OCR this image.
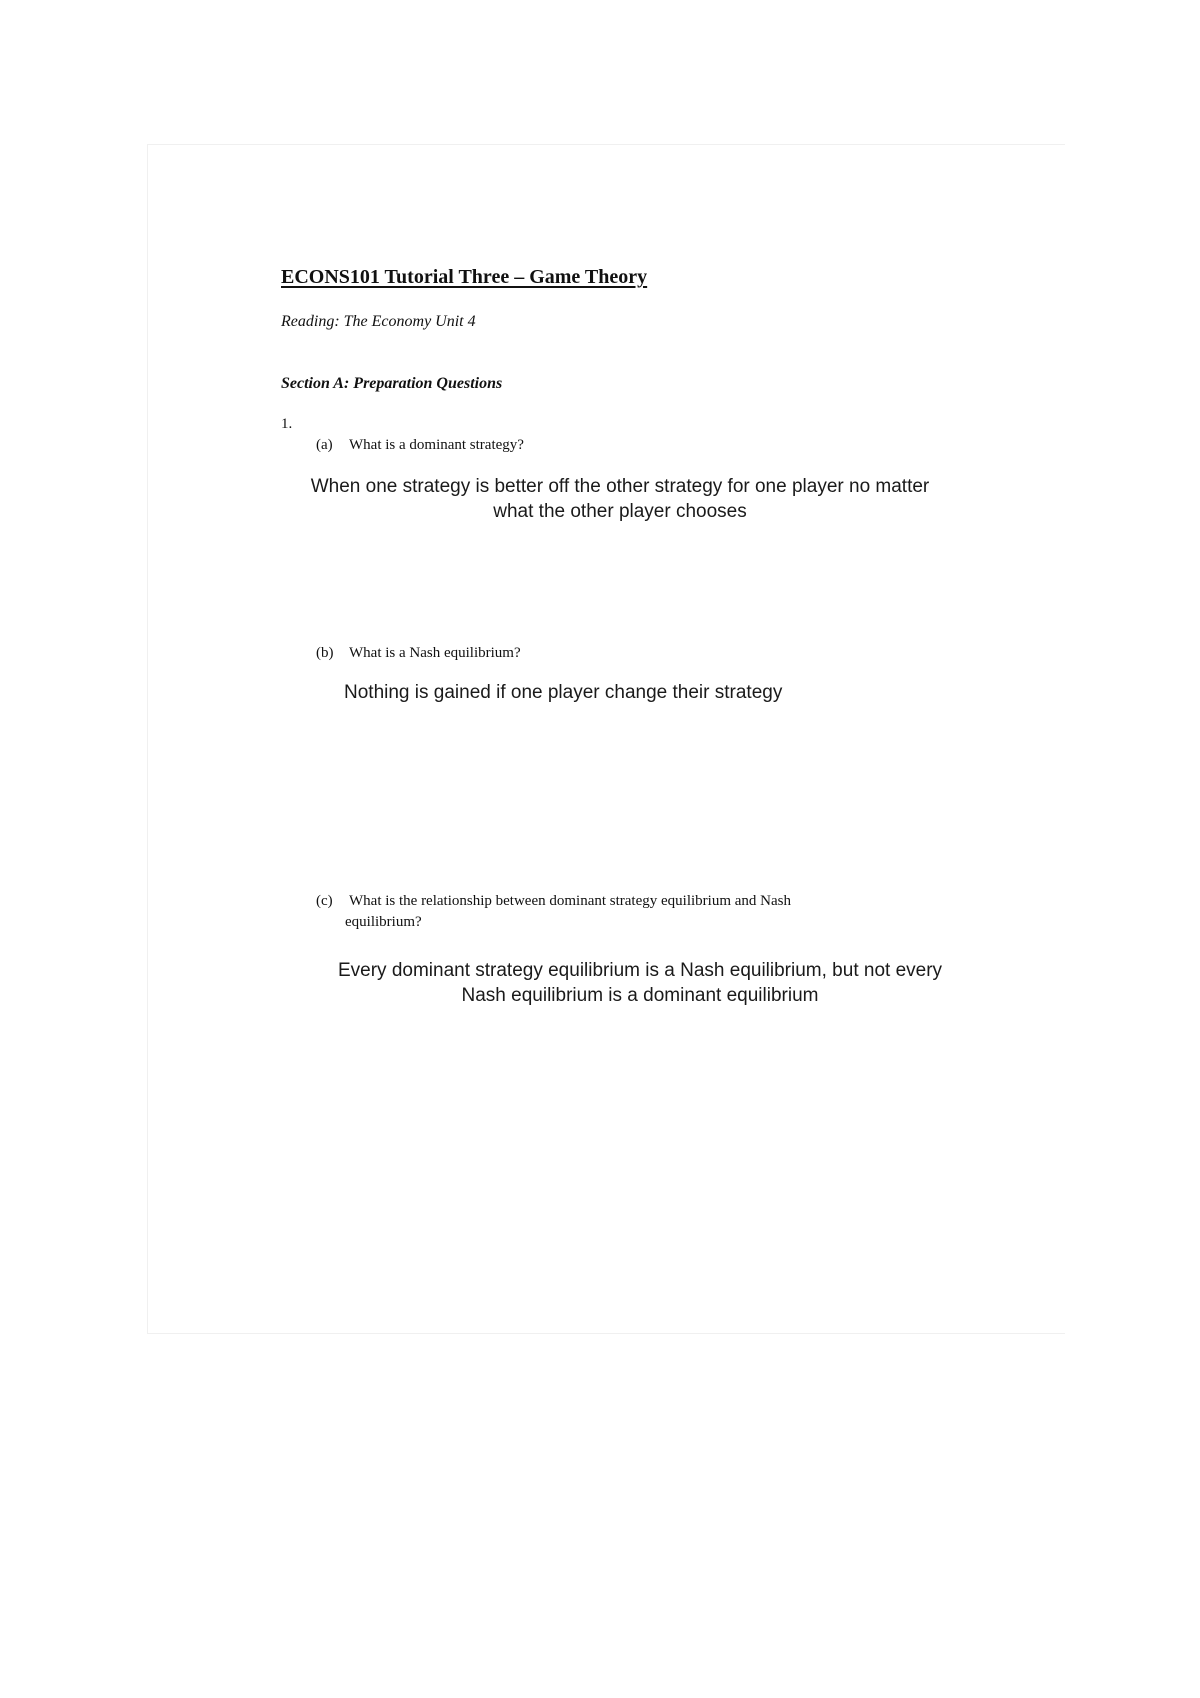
ECONS101 Tutorial Three – Game Theory
Reading: The Economy Unit 4
Section A: Preparation Questions
1.
(a) What is a dominant strategy?
When one strategy is better off the other strategy for one player no matter what the other player chooses
(b) What is a Nash equilibrium?
Nothing is gained if one player change their strategy
(c) What is the relationship between dominant strategy equilibrium and Nash
equilibrium?
Every dominant strategy equilibrium is a Nash equilibrium, but not every Nash equilibrium is a dominant equilibrium
